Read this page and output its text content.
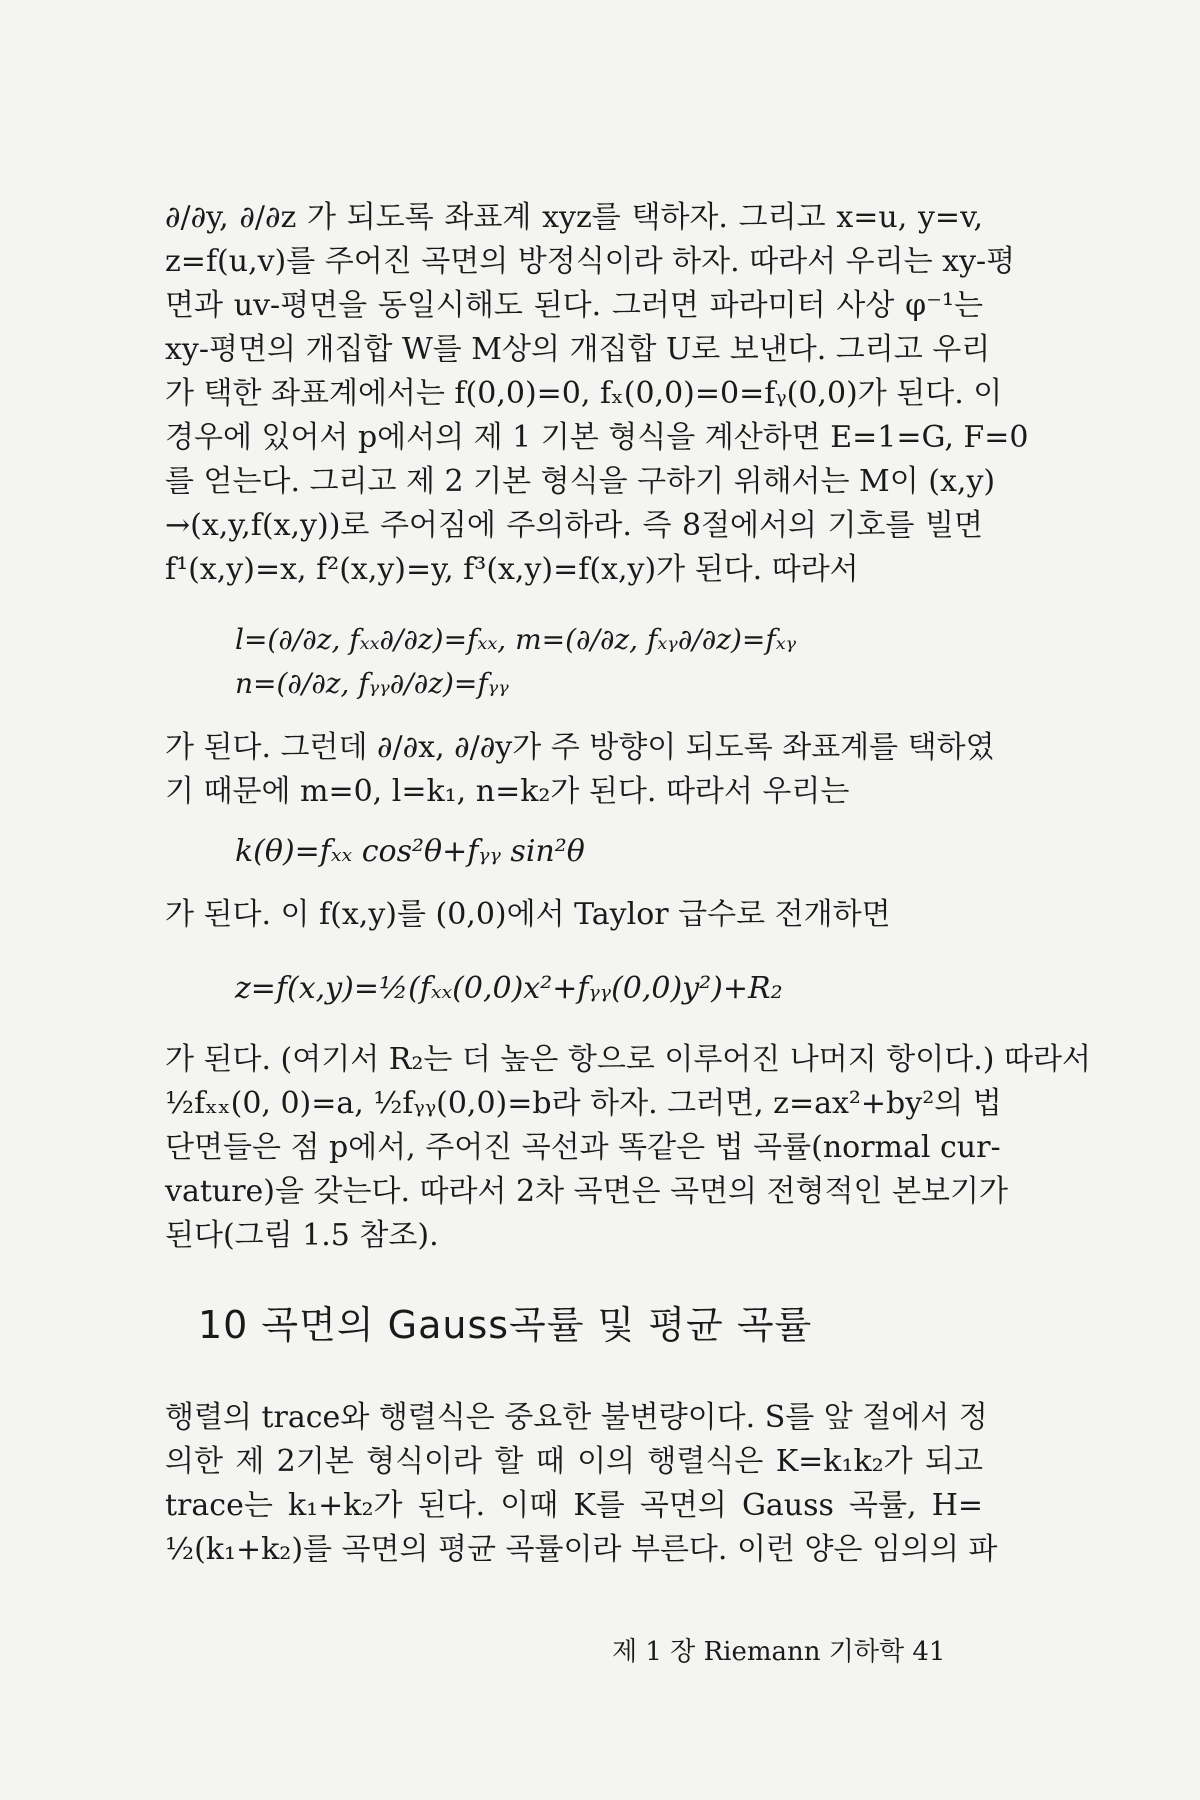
∂/∂y, ∂/∂z 가 되도록 좌표계 xyz를 택하자. 그리고 x=u, y=v,
z=f(u,v)를 주어진 곡면의 방정식이라 하자. 따라서 우리는 xy-평
면과 uv-평면을 동일시해도 된다. 그러면 파라미터 사상 φ⁻¹는
xy-평면의 개집합 W를 M상의 개집합 U로 보낸다. 그리고 우리
가 택한 좌표계에서는 f(0,0)=0, fₓ(0,0)=0=fᵧ(0,0)가 된다. 이
경우에 있어서 p에서의 제 1 기본 형식을 계산하면 E=1=G, F=0
를 얻는다. 그리고 제 2 기본 형식을 구하기 위해서는 M이 (x,y)
→(x,y,f(x,y))로 주어짐에 주의하라. 즉 8절에서의 기호를 빌면
f¹(x,y)=x, f²(x,y)=y, f³(x,y)=f(x,y)가 된다. 따라서
l=(∂/∂z, fₓₓ∂/∂z)=fₓₓ, m=(∂/∂z, fₓᵧ∂/∂z)=fₓᵧ
n=(∂/∂z, fᵧᵧ∂/∂z)=fᵧᵧ
가 된다. 그런데 ∂/∂x, ∂/∂y가 주 방향이 되도록 좌표계를 택하였
기 때문에 m=0, l=k₁, n=k₂가 된다. 따라서 우리는
k(θ)=fₓₓ cos²θ+fᵧᵧ sin²θ
가 된다. 이 f(x,y)를 (0,0)에서 Taylor 급수로 전개하면
z=f(x,y)=½(fₓₓ(0,0)x²+fᵧᵧ(0,0)y²)+R₂
가 된다. (여기서 R₂는 더 높은 항으로 이루어진 나머지 항이다.) 따라서
½fₓₓ(0, 0)=a, ½fᵧᵧ(0,0)=b라 하자. 그러면, z=ax²+by²의 법
단면들은 점 p에서, 주어진 곡선과 똑같은 법 곡률(normal cur-
vature)을 갖는다. 따라서 2차 곡면은 곡면의 전형적인 본보기가
된다(그림 1.5 참조).
10 곡면의 Gauss곡률 및 평균 곡률
행렬의 trace와 행렬식은 중요한 불변량이다. S를 앞 절에서 정
의한 제 2기본 형식이라 할 때 이의 행렬식은 K=k₁k₂가 되고
trace는 k₁+k₂가 된다. 이때 K를 곡면의 Gauss 곡률, H=
½(k₁+k₂)를 곡면의 평균 곡률이라 부른다. 이런 양은 임의의 파
제 1 장 Riemann 기하학 41
